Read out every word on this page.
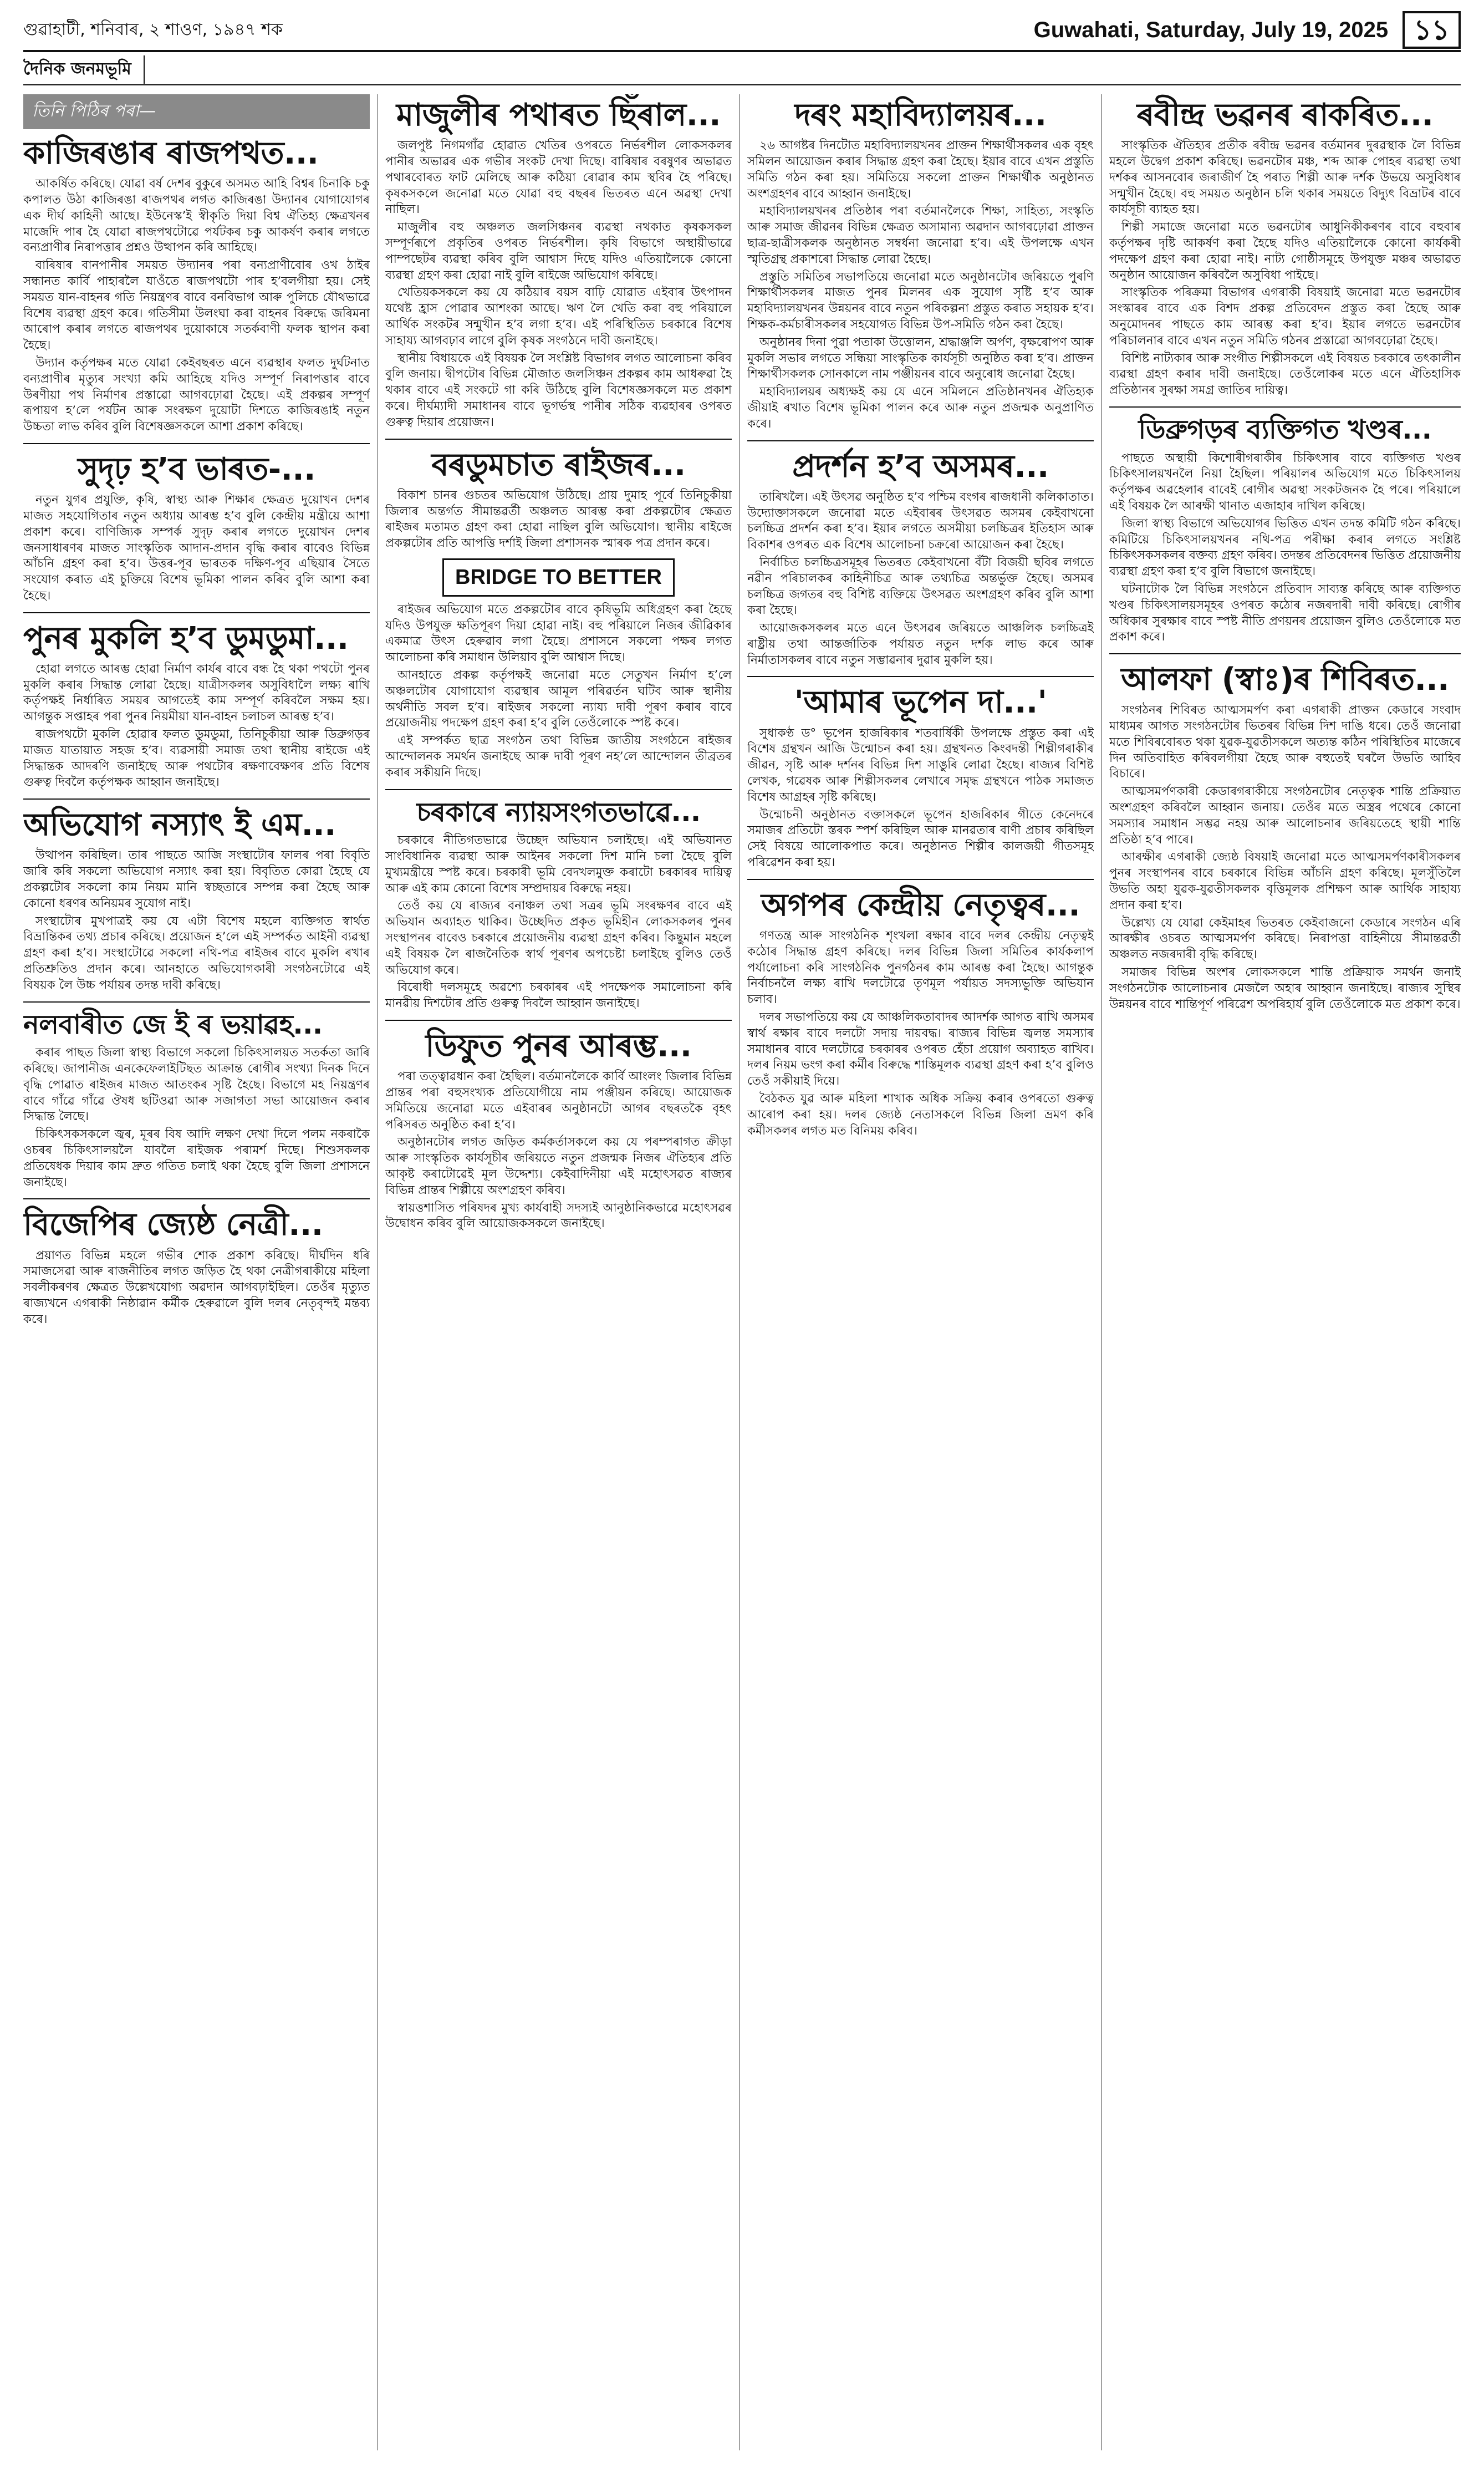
গুৱাহাটী, শনিবাৰ, ২ শাওণ, ১৯৪৭ শক	Guwahati, Saturday, July 19, 2025 ১১
দৈনিক জনমভূমি
তিনি পিঠিৰ পৰা—
কাজিৰঙাৰ ৰাজপথত...

আকৰ্ষিত কৰিছে। যোৱা বৰ্ষ দেশৰ বুকুৰে অসমত আহি বিশ্বৰ চিনাকি চকু কপালত উঠা কাজিৰঙা ৰাজপথৰ লগত কাজিৰঙা উদ্যানৰ যোগাযোগৰ এক দীৰ্ঘ কাহিনী আছে। ইউনেস্ক’ই স্বীকৃতি দিয়া বিশ্ব ঐতিহ্য ক্ষেত্ৰখনৰ মাজেদি পাৰ হৈ যোৱা ৰাজপথটোৱে পৰ্যটকৰ চকু আকৰ্ষণ কৰাৰ লগতে বন্যপ্ৰাণীৰ নিৰাপত্তাৰ প্ৰশ্নও উত্থাপন কৰি আহিছে।

বাৰিষাৰ বানপানীৰ সময়ত উদ্যানৰ পৰা বন্যপ্ৰাণীবোৰ ওখ ঠাইৰ সন্ধানত কাৰ্বি পাহাৰলৈ যাওঁতে ৰাজপথটো পাৰ হ’বলগীয়া হয়। সেই সময়ত যান-বাহনৰ গতি নিয়ন্ত্ৰণৰ বাবে বনবিভাগ আৰু পুলিচে যৌথভাৱে বিশেষ ব্যৱস্থা গ্ৰহণ কৰে। গতিসীমা উলংঘা কৰা বাহনৰ বিৰুদ্ধে জৰিমনা আৰোপ কৰাৰ লগতে ৰাজপথৰ দুয়োকাষে সতৰ্কবাণী ফলক স্থাপন কৰা হৈছে।

উদ্যান কৰ্তৃপক্ষৰ মতে যোৱা কেইবছৰত এনে ব্যৱস্থাৰ ফলত দুৰ্ঘটনাত বন্যপ্ৰাণীৰ মৃত্যুৰ সংখ্যা কমি আহিছে যদিও সম্পূৰ্ণ নিৰাপত্তাৰ বাবে উৰণীয়া পথ নিৰ্মাণৰ প্ৰস্তাৱো আগবঢ়োৱা হৈছে। এই প্ৰকল্পৰ সম্পূৰ্ণ ৰূপায়ণ হ’লে পৰ্যটন আৰু সংৰক্ষণ দুয়োটা দিশতে কাজিৰঙাই নতুন উচ্চতা লাভ কৰিব বুলি বিশেষজ্ঞসকলে আশা প্ৰকাশ কৰিছে।

সুদৃঢ় হ’ব ভাৰত-...

নতুন যুগৰ প্ৰযুক্তি, কৃষি, স্বাস্থ্য আৰু শিক্ষাৰ ক্ষেত্ৰত দুয়োখন দেশৰ মাজত সহযোগিতাৰ নতুন অধ্যায় আৰম্ভ হ’ব বুলি কেন্দ্ৰীয় মন্ত্ৰীয়ে আশা প্ৰকাশ কৰে। বাণিজ্যিক সম্পৰ্ক সুদৃঢ় কৰাৰ লগতে দুয়োখন দেশৰ জনসাধাৰণৰ মাজত সাংস্কৃতিক আদান-প্ৰদান বৃদ্ধি কৰাৰ বাবেও বিভিন্ন আঁচনি গ্ৰহণ কৰা হ’ব। উত্তৰ-পূব ভাৰতক দক্ষিণ-পূব এছিয়াৰ সৈতে সংযোগ কৰাত এই চুক্তিয়ে বিশেষ ভূমিকা পালন কৰিব বুলি আশা কৰা হৈছে।

পুনৰ মুকলি হ’ব ডুমডুমা...

হোৱা লগতে আৰম্ভ হোৱা নিৰ্মাণ কাৰ্যৰ বাবে বন্ধ হৈ থকা পথটো পুনৰ মুকলি কৰাৰ সিদ্ধান্ত লোৱা হৈছে। যাত্ৰীসকলৰ অসুবিধালৈ লক্ষ্য ৰাখি কৰ্তৃপক্ষই নিৰ্ধাৰিত সময়ৰ আগতেই কাম সম্পূৰ্ণ কৰিবলৈ সক্ষম হয়। আগন্তুক সপ্তাহৰ পৰা পুনৰ নিয়মীয়া যান-বাহন চলাচল আৰম্ভ হ’ব।

ৰাজপথটো মুকলি হোৱাৰ ফলত ডুমডুমা, তিনিচুকীয়া আৰু ডিব্ৰুগড়ৰ মাজত যাতায়াত সহজ হ’ব। ব্যৱসায়ী সমাজ তথা স্থানীয় ৰাইজে এই সিদ্ধান্তক আদৰণি জনাইছে আৰু পথটোৰ ৰক্ষণাবেক্ষণৰ প্ৰতি বিশেষ গুৰুত্ব দিবলৈ কৰ্তৃপক্ষক আহ্বান জনাইছে।

অভিযোগ নস্যাৎ ই এম...

উত্থাপন কৰিছিল। তাৰ পাছতে আজি সংস্থাটোৰ ফালৰ পৰা বিবৃতি জাৰি কৰি সকলো অভিযোগ নস্যাৎ কৰা হয়। বিবৃতিত কোৱা হৈছে যে প্ৰকল্পটোৰ সকলো কাম নিয়ম মানি স্বচ্ছতাৰে সম্পন্ন কৰা হৈছে আৰু কোনো ধৰণৰ অনিয়মৰ সুযোগ নাই।

সংস্থাটোৰ মুখপাত্ৰই কয় যে এটা বিশেষ মহলে ব্যক্তিগত স্বাৰ্থত বিভ্ৰান্তিকৰ তথ্য প্ৰচাৰ কৰিছে। প্ৰয়োজন হ’লে এই সম্পৰ্কত আইনী ব্যৱস্থা গ্ৰহণ কৰা হ’ব। সংস্থাটোৱে সকলো নথি-পত্ৰ ৰাইজৰ বাবে মুকলি ৰখাৰ প্ৰতিশ্ৰুতিও প্ৰদান কৰে। আনহাতে অভিযোগকাৰী সংগঠনটোৱে এই বিষয়ক লৈ উচ্চ পৰ্যায়ৰ তদন্ত দাবী কৰিছে।

নলবাৰীত জে ই ৰ ভয়াৱহ...

কৰাৰ পাছত জিলা স্বাস্থ্য বিভাগে সকলো চিকিৎসালয়ত সতৰ্কতা জাৰি কৰিছে। জাপানীজ এনকেফেলাইটিছত আক্ৰান্ত ৰোগীৰ সংখ্যা দিনক দিনে বৃদ্ধি পোৱাত ৰাইজৰ মাজত আতংকৰ সৃষ্টি হৈছে। বিভাগে মহ নিয়ন্ত্ৰণৰ বাবে গাঁৱে গাঁৱে ঔষধ ছটিওৱা আৰু সজাগতা সভা আয়োজন কৰাৰ সিদ্ধান্ত লৈছে।

চিকিৎসকসকলে জ্বৰ, মূৰৰ বিষ আদি লক্ষণ দেখা দিলে পলম নকৰাকৈ ওচৰৰ চিকিৎসালয়লৈ যাবলৈ ৰাইজক পৰামৰ্শ দিছে। শিশুসকলক প্ৰতিষেধক দিয়াৰ কাম দ্ৰুত গতিত চলাই থকা হৈছে বুলি জিলা প্ৰশাসনে জনাইছে।

বিজেপিৰ জ্যেষ্ঠ নেত্ৰী...

প্ৰয়াণত বিভিন্ন মহলে গভীৰ শোক প্ৰকাশ কৰিছে। দীৰ্ঘদিন ধৰি সমাজসেৱা আৰু ৰাজনীতিৰ লগত জড়িত হৈ থকা নেত্ৰীগৰাকীয়ে মহিলা সবলীকৰণৰ ক্ষেত্ৰত উল্লেখযোগ্য অৱদান আগবঢ়াইছিল। তেওঁৰ মৃত্যুত ৰাজ্যখনে এগৰাকী নিষ্ঠাৱান কৰ্মীক হেৰুৱালে বুলি দলৰ নেতৃবৃন্দই মন্তব্য কৰে।

মাজুলীৰ পথাৰত ছিঁৰাল...

জলপুষ্ট নিগমগাঁৱ হোৱাত খেতিৰ ওপৰতে নিৰ্ভৰশীল লোকসকলৰ পানীৰ অভাৱৰ এক গভীৰ সংকট দেখা দিছে। বাৰিষাৰ বৰষুণৰ অভাৱত পথাৰবোৰত ফাট মেলিছে আৰু কঠিয়া ৰোৱাৰ কাম স্থবিৰ হৈ পৰিছে। কৃষকসকলে জনোৱা মতে যোৱা বহু বছৰৰ ভিতৰত এনে অৱস্থা দেখা নাছিল।

মাজুলীৰ বহু অঞ্চলত জলসিঞ্চনৰ ব্যৱস্থা নথকাত কৃষকসকল সম্পূৰ্ণৰূপে প্ৰকৃতিৰ ওপৰত নিৰ্ভৰশীল। কৃষি বিভাগে অস্থায়ীভাৱে পাম্পছেটৰ ব্যৱস্থা কৰিব বুলি আশ্বাস দিছে যদিও এতিয়ালৈকে কোনো ব্যৱস্থা গ্ৰহণ কৰা হোৱা নাই বুলি ৰাইজে অভিযোগ কৰিছে।

খেতিয়কসকলে কয় যে কঠিয়াৰ বয়স বাঢ়ি যোৱাত এইবাৰ উৎপাদন যথেষ্ট হ্ৰাস পোৱাৰ আশংকা আছে। ঋণ লৈ খেতি কৰা বহু পৰিয়ালে আৰ্থিক সংকটৰ সন্মুখীন হ’ব লগা হ’ব। এই পৰিস্থিতিত চৰকাৰে বিশেষ সাহায্য আগবঢ়াব লাগে বুলি কৃষক সংগঠনে দাবী জনাইছে।

স্থানীয় বিধায়কে এই বিষয়ক লৈ সংশ্লিষ্ট বিভাগৰ লগত আলোচনা কৰিব বুলি জনায়। দ্বীপটোৰ বিভিন্ন মৌজাত জলসিঞ্চন প্ৰকল্পৰ কাম আধৰুৱা হৈ থকাৰ বাবে এই সংকটে গা কৰি উঠিছে বুলি বিশেষজ্ঞসকলে মত প্ৰকাশ কৰে। দীৰ্ঘম্যাদী সমাধানৰ বাবে ভূগৰ্ভস্থ পানীৰ সঠিক ব্যৱহাৰৰ ওপৰত গুৰুত্ব দিয়াৰ প্ৰয়োজন।

বৰডুমচাত ৰাইজৰ...

বিকাশ চানৰ গুচতৰ অভিযোগ উঠিছে। প্ৰায় দুমাহ পূৰ্বে তিনিচুকীয়া জিলাৰ অন্তৰ্গত সীমান্তৱৰ্তী অঞ্চলত আৰম্ভ কৰা প্ৰকল্পটোৰ ক্ষেত্ৰত ৰাইজৰ মতামত গ্ৰহণ কৰা হোৱা নাছিল বুলি অভিযোগ। স্থানীয় ৰাইজে প্ৰকল্পটোৰ প্ৰতি আপত্তি দৰ্শাই জিলা প্ৰশাসনক স্মাৰক পত্ৰ প্ৰদান কৰে।

BRIDGE TO BETTER

ৰাইজৰ অভিযোগ মতে প্ৰকল্পটোৰ বাবে কৃষিভূমি অধিগ্ৰহণ কৰা হৈছে যদিও উপযুক্ত ক্ষতিপূৰণ দিয়া হোৱা নাই। বহু পৰিয়ালে নিজৰ জীৱিকাৰ একমাত্ৰ উৎস হেৰুৱাব লগা হৈছে। প্ৰশাসনে সকলো পক্ষৰ লগত আলোচনা কৰি সমাধান উলিয়াব বুলি আশ্বাস দিছে।

আনহাতে প্ৰকল্প কৰ্তৃপক্ষই জনোৱা মতে সেতুখন নিৰ্মাণ হ’লে অঞ্চলটোৰ যোগাযোগ ব্যৱস্থাৰ আমূল পৰিৱৰ্তন ঘটিব আৰু স্থানীয় অৰ্থনীতি সবল হ’ব। ৰাইজৰ সকলো ন্যায্য দাবী পূৰণ কৰাৰ বাবে প্ৰয়োজনীয় পদক্ষেপ গ্ৰহণ কৰা হ’ব বুলি তেওঁলোকে স্পষ্ট কৰে।

এই সম্পৰ্কত ছাত্ৰ সংগঠন তথা বিভিন্ন জাতীয় সংগঠনে ৰাইজৰ আন্দোলনক সমৰ্থন জনাইছে আৰু দাবী পূৰণ নহ’লে আন্দোলন তীব্ৰতৰ কৰাৰ সকীয়নি দিছে।

চৰকাৰে ন্যায়সংগতভাৱে...

চৰকাৰে নীতিগতভাৱে উচ্ছেদ অভিযান চলাইছে। এই অভিযানত সাংবিধানিক ব্যৱস্থা আৰু আইনৰ সকলো দিশ মানি চলা হৈছে বুলি মুখ্যমন্ত্ৰীয়ে স্পষ্ট কৰে। চৰকাৰী ভূমি বেদখলমুক্ত কৰাটো চৰকাৰৰ দায়িত্ব আৰু এই কাম কোনো বিশেষ সম্প্ৰদায়ৰ বিৰুদ্ধে নহয়।

তেওঁ কয় যে ৰাজ্যৰ বনাঞ্চল তথা সত্ৰৰ ভূমি সংৰক্ষণৰ বাবে এই অভিযান অব্যাহত থাকিব। উচ্ছেদিত প্ৰকৃত ভূমিহীন লোকসকলৰ পুনৰ সংস্থাপনৰ বাবেও চৰকাৰে প্ৰয়োজনীয় ব্যৱস্থা গ্ৰহণ কৰিব। কিছুমান মহলে এই বিষয়ক লৈ ৰাজনৈতিক স্বাৰ্থ পূৰণৰ অপচেষ্টা চলাইছে বুলিও তেওঁ অভিযোগ কৰে।

বিৰোধী দলসমূহে অৱশ্যে চৰকাৰৰ এই পদক্ষেপক সমালোচনা কৰি মানৱীয় দিশটোৰ প্ৰতি গুৰুত্ব দিবলৈ আহ্বান জনাইছে।

ডিফুত পুনৰ আৰম্ভ...

পৰা তত্ত্বাৱধান কৰা হৈছিল। বৰ্তমানলৈকে কাৰ্বি আংলং জিলাৰ বিভিন্ন প্ৰান্তৰ পৰা বহুসংখ্যক প্ৰতিযোগীয়ে নাম পঞ্জীয়ন কৰিছে। আয়োজক সমিতিয়ে জনোৱা মতে এইবাৰৰ অনুষ্ঠানটো আগৰ বছৰতকৈ বৃহৎ পৰিসৰত অনুষ্ঠিত কৰা হ’ব।

অনুষ্ঠানটোৰ লগত জড়িত কৰ্মকৰ্তাসকলে কয় যে পৰম্পৰাগত ক্ৰীড়া আৰু সাংস্কৃতিক কাৰ্যসূচীৰ জৰিয়তে নতুন প্ৰজন্মক নিজৰ ঐতিহ্যৰ প্ৰতি আকৃষ্ট কৰাটোৱেই মূল উদ্দেশ্য। কেইবাদিনীয়া এই মহোৎসৱত ৰাজ্যৰ বিভিন্ন প্ৰান্তৰ শিল্পীয়ে অংশগ্ৰহণ কৰিব।

স্বায়ত্তশাসিত পৰিষদৰ মুখ্য কাৰ্যবাহী সদস্যই আনুষ্ঠানিকভাৱে মহোৎসৱৰ উদ্বোধন কৰিব বুলি আয়োজকসকলে জনাইছে।

দৰং মহাবিদ্যালয়ৰ...

২৬ আগষ্টৰ দিনটোত মহাবিদ্যালয়খনৰ প্ৰাক্তন শিক্ষাৰ্থীসকলৰ এক বৃহৎ সমিলন আয়োজন কৰাৰ সিদ্ধান্ত গ্ৰহণ কৰা হৈছে। ইয়াৰ বাবে এখন প্ৰস্তুতি সমিতি গঠন কৰা হয়। সমিতিয়ে সকলো প্ৰাক্তন শিক্ষাৰ্থীক অনুষ্ঠানত অংশগ্ৰহণৰ বাবে আহ্বান জনাইছে।

মহাবিদ্যালয়খনৰ প্ৰতিষ্ঠাৰ পৰা বৰ্তমানলৈকে শিক্ষা, সাহিত্য, সংস্কৃতি আৰু সমাজ জীৱনৰ বিভিন্ন ক্ষেত্ৰত অসামান্য অৱদান আগবঢ়োৱা প্ৰাক্তন ছাত্ৰ-ছাত্ৰীসকলক অনুষ্ঠানত সম্বৰ্ধনা জনোৱা হ’ব। এই উপলক্ষে এখন স্মৃতিগ্ৰন্থ প্ৰকাশৰো সিদ্ধান্ত লোৱা হৈছে।

প্ৰস্তুতি সমিতিৰ সভাপতিয়ে জনোৱা মতে অনুষ্ঠানটোৰ জৰিয়তে পুৰণি শিক্ষাৰ্থীসকলৰ মাজত পুনৰ মিলনৰ এক সুযোগ সৃষ্টি হ’ব আৰু মহাবিদ্যালয়খনৰ উন্নয়নৰ বাবে নতুন পৰিকল্পনা প্ৰস্তুত কৰাত সহায়ক হ’ব। শিক্ষক-কৰ্মচাৰীসকলৰ সহযোগত বিভিন্ন উপ-সমিতি গঠন কৰা হৈছে।

অনুষ্ঠানৰ দিনা পুৱা পতাকা উত্তোলন, শ্ৰদ্ধাঞ্জলি অৰ্পণ, বৃক্ষৰোপণ আৰু মুকলি সভাৰ লগতে সন্ধিয়া সাংস্কৃতিক কাৰ্যসূচী অনুষ্ঠিত কৰা হ’ব। প্ৰাক্তন শিক্ষাৰ্থীসকলক সোনকালে নাম পঞ্জীয়নৰ বাবে অনুৰোধ জনোৱা হৈছে।

মহাবিদ্যালয়ৰ অধ্যক্ষই কয় যে এনে সমিলনে প্ৰতিষ্ঠানখনৰ ঐতিহ্যক জীয়াই ৰখাত বিশেষ ভূমিকা পালন কৰে আৰু নতুন প্ৰজন্মক অনুপ্ৰাণিত কৰে।

প্ৰদৰ্শন হ’ব অসমৰ...

তাৰিখলৈ। এই উৎসৱ অনুষ্ঠিত হ’ব পশ্চিম বংগৰ ৰাজধানী কলিকাতাত। উদ্যোক্তাসকলে জনোৱা মতে এইবাৰৰ উৎসৱত অসমৰ কেইবাখনো চলচ্চিত্ৰ প্ৰদৰ্শন কৰা হ’ব। ইয়াৰ লগতে অসমীয়া চলচ্চিত্ৰৰ ইতিহাস আৰু বিকাশৰ ওপৰত এক বিশেষ আলোচনা চক্ৰৰো আয়োজন কৰা হৈছে।

নিৰ্বাচিত চলচ্চিত্ৰসমূহৰ ভিতৰত কেইবাখনো বঁটা বিজয়ী ছবিৰ লগতে নৱীন পৰিচালকৰ কাহিনীচিত্ৰ আৰু তথ্যচিত্ৰ অন্তৰ্ভুক্ত হৈছে। অসমৰ চলচ্চিত্ৰ জগতৰ বহু বিশিষ্ট ব্যক্তিয়ে উৎসৱত অংশগ্ৰহণ কৰিব বুলি আশা কৰা হৈছে।

আয়োজকসকলৰ মতে এনে উৎসৱৰ জৰিয়তে আঞ্চলিক চলচ্চিত্ৰই ৰাষ্ট্ৰীয় তথা আন্তৰ্জাতিক পৰ্যায়ত নতুন দৰ্শক লাভ কৰে আৰু নিৰ্মাতাসকলৰ বাবে নতুন সম্ভাৱনাৰ দুৱাৰ মুকলি হয়।

'আমাৰ ভূপেন দা...'

সুধাকণ্ঠ ড° ভূপেন হাজৰিকাৰ শতবাৰ্ষিকী উপলক্ষে প্ৰস্তুত কৰা এই বিশেষ গ্ৰন্থখন আজি উন্মোচন কৰা হয়। গ্ৰন্থখনত কিংবদন্তী শিল্পীগৰাকীৰ জীৱন, সৃষ্টি আৰু দৰ্শনৰ বিভিন্ন দিশ সাঙুৰি লোৱা হৈছে। ৰাজ্যৰ বিশিষ্ট লেখক, গৱেষক আৰু শিল্পীসকলৰ লেখাৰে সমৃদ্ধ গ্ৰন্থখনে পাঠক সমাজত বিশেষ আগ্ৰহৰ সৃষ্টি কৰিছে।

উন্মোচনী অনুষ্ঠানত বক্তাসকলে ভূপেন হাজৰিকাৰ গীতে কেনেদৰে সমাজৰ প্ৰতিটো স্তৰক স্পৰ্শ কৰিছিল আৰু মানৱতাৰ বাণী প্ৰচাৰ কৰিছিল সেই বিষয়ে আলোকপাত কৰে। অনুষ্ঠানত শিল্পীৰ কালজয়ী গীতসমূহ পৰিৱেশন কৰা হয়।

অগপৰ কেন্দ্ৰীয় নেতৃত্বৰ...

গণতন্ত্ৰ আৰু সাংগঠনিক শৃংখলা ৰক্ষাৰ বাবে দলৰ কেন্দ্ৰীয় নেতৃত্বই কঠোৰ সিদ্ধান্ত গ্ৰহণ কৰিছে। দলৰ বিভিন্ন জিলা সমিতিৰ কাৰ্যকলাপ পৰ্যালোচনা কৰি সাংগঠনিক পুনৰ্গঠনৰ কাম আৰম্ভ কৰা হৈছে। আগন্তুক নিৰ্বাচনলৈ লক্ষ্য ৰাখি দলটোৱে তৃণমূল পৰ্যায়ত সদস্যভুক্তি অভিযান চলাব।

দলৰ সভাপতিয়ে কয় যে আঞ্চলিকতাবাদৰ আদৰ্শক আগত ৰাখি অসমৰ স্বাৰ্থ ৰক্ষাৰ বাবে দলটো সদায় দায়বদ্ধ। ৰাজ্যৰ বিভিন্ন জ্বলন্ত সমস্যাৰ সমাধানৰ বাবে দলটোৱে চৰকাৰৰ ওপৰত হেঁচা প্ৰয়োগ অব্যাহত ৰাখিব। দলৰ নিয়ম ভংগ কৰা কৰ্মীৰ বিৰুদ্ধে শাস্তিমূলক ব্যৱস্থা গ্ৰহণ কৰা হ’ব বুলিও তেওঁ সকীয়াই দিয়ে।

বৈঠকত যুৱ আৰু মহিলা শাখাক অধিক সক্ৰিয় কৰাৰ ওপৰতো গুৰুত্ব আৰোপ কৰা হয়। দলৰ জ্যেষ্ঠ নেতাসকলে বিভিন্ন জিলা ভ্ৰমণ কৰি কৰ্মীসকলৰ লগত মত বিনিময় কৰিব।

ৰবীন্দ্ৰ ভৱনৰ ৰাকৰিত...

সাংস্কৃতিক ঐতিহ্যৰ প্ৰতীক ৰবীন্দ্ৰ ভৱনৰ বৰ্তমানৰ দুৰৱস্থাক লৈ বিভিন্ন মহলে উদ্বেগ প্ৰকাশ কৰিছে। ভৱনটোৰ মঞ্চ, শব্দ আৰু পোহৰ ব্যৱস্থা তথা দৰ্শকৰ আসনবোৰ জৰাজীৰ্ণ হৈ পৰাত শিল্পী আৰু দৰ্শক উভয়ে অসুবিধাৰ সন্মুখীন হৈছে। বহু সময়ত অনুষ্ঠান চলি থকাৰ সময়তে বিদ্যুৎ বিভ্ৰাটৰ বাবে কাৰ্যসূচী ব্যাহত হয়।

শিল্পী সমাজে জনোৱা মতে ভৱনটোৰ আধুনিকীকৰণৰ বাবে বহুবাৰ কৰ্তৃপক্ষৰ দৃষ্টি আকৰ্ষণ কৰা হৈছে যদিও এতিয়ালৈকে কোনো কাৰ্যকৰী পদক্ষেপ গ্ৰহণ কৰা হোৱা নাই। নাট্য গোষ্ঠীসমূহে উপযুক্ত মঞ্চৰ অভাৱত অনুষ্ঠান আয়োজন কৰিবলৈ অসুবিধা পাইছে।

সাংস্কৃতিক পৰিক্ৰমা বিভাগৰ এগৰাকী বিষয়াই জনোৱা মতে ভৱনটোৰ সংস্কাৰৰ বাবে এক বিশদ প্ৰকল্প প্ৰতিবেদন প্ৰস্তুত কৰা হৈছে আৰু অনুমোদনৰ পাছতে কাম আৰম্ভ কৰা হ’ব। ইয়াৰ লগতে ভৱনটোৰ পৰিচালনাৰ বাবে এখন নতুন সমিতি গঠনৰ প্ৰস্তাৱো আগবঢ়োৱা হৈছে।

বিশিষ্ট নাট্যকাৰ আৰু সংগীত শিল্পীসকলে এই বিষয়ত চৰকাৰে তৎকালীন ব্যৱস্থা গ্ৰহণ কৰাৰ দাবী জনাইছে। তেওঁলোকৰ মতে এনে ঐতিহাসিক প্ৰতিষ্ঠানৰ সুৰক্ষা সমগ্ৰ জাতিৰ দায়িত্ব।

ডিব্ৰুগড়ৰ ব্যক্তিগত খণ্ডৰ...

পাছতে অস্থায়ী কিশোৰীগৰাকীৰ চিকিৎসাৰ বাবে ব্যক্তিগত খণ্ডৰ চিকিৎসালয়খনলৈ নিয়া হৈছিল। পৰিয়ালৰ অভিযোগ মতে চিকিৎসালয় কৰ্তৃপক্ষৰ অৱহেলাৰ বাবেই ৰোগীৰ অৱস্থা সংকটজনক হৈ পৰে। পৰিয়ালে এই বিষয়ক লৈ আৰক্ষী থানাত এজাহাৰ দাখিল কৰিছে।

জিলা স্বাস্থ্য বিভাগে অভিযোগৰ ভিত্তিত এখন তদন্ত কমিটি গঠন কৰিছে। কমিটিয়ে চিকিৎসালয়খনৰ নথি-পত্ৰ পৰীক্ষা কৰাৰ লগতে সংশ্লিষ্ট চিকিৎসকসকলৰ বক্তব্য গ্ৰহণ কৰিব। তদন্তৰ প্ৰতিবেদনৰ ভিত্তিত প্ৰয়োজনীয় ব্যৱস্থা গ্ৰহণ কৰা হ’ব বুলি বিভাগে জনাইছে।

ঘটনাটোক লৈ বিভিন্ন সংগঠনে প্ৰতিবাদ সাব্যস্ত কৰিছে আৰু ব্যক্তিগত খণ্ডৰ চিকিৎসালয়সমূহৰ ওপৰত কঠোৰ নজৰদাৰী দাবী কৰিছে। ৰোগীৰ অধিকাৰ সুৰক্ষাৰ বাবে স্পষ্ট নীতি প্ৰণয়নৰ প্ৰয়োজন বুলিও তেওঁলোকে মত প্ৰকাশ কৰে।

আলফা (স্বাঃ)ৰ শিবিৰত...

সংগঠনৰ শিবিৰত আত্মসমৰ্পণ কৰা এগৰাকী প্ৰাক্তন কেডাৰে সংবাদ মাধ্যমৰ আগত সংগঠনটোৰ ভিতৰৰ বিভিন্ন দিশ দাঙি ধৰে। তেওঁ জনোৱা মতে শিবিৰবোৰত থকা যুৱক-যুৱতীসকলে অত্যন্ত কঠিন পৰিস্থিতিৰ মাজেৰে দিন অতিবাহিত কৰিবলগীয়া হৈছে আৰু বহুতেই ঘৰলৈ উভতি আহিব বিচাৰে।

আত্মসমৰ্পণকাৰী কেডাৰগৰাকীয়ে সংগঠনটোৰ নেতৃত্বক শান্তি প্ৰক্ৰিয়াত অংশগ্ৰহণ কৰিবলৈ আহ্বান জনায়। তেওঁৰ মতে অস্ত্ৰৰ পথেৰে কোনো সমস্যাৰ সমাধান সম্ভৱ নহয় আৰু আলোচনাৰ জৰিয়তেহে স্থায়ী শান্তি প্ৰতিষ্ঠা হ’ব পাৰে।

আৰক্ষীৰ এগৰাকী জ্যেষ্ঠ বিষয়াই জনোৱা মতে আত্মসমৰ্পণকাৰীসকলৰ পুনৰ সংস্থাপনৰ বাবে চৰকাৰে বিভিন্ন আঁচনি গ্ৰহণ কৰিছে। মূলসুঁতিলৈ উভতি অহা যুৱক-যুৱতীসকলক বৃত্তিমূলক প্ৰশিক্ষণ আৰু আৰ্থিক সাহায্য প্ৰদান কৰা হ’ব।

উল্লেখ্য যে যোৱা কেইমাহৰ ভিতৰত কেইবাজনো কেডাৰে সংগঠন এৰি আৰক্ষীৰ ওচৰত আত্মসমৰ্পণ কৰিছে। নিৰাপত্তা বাহিনীয়ে সীমান্তৱৰ্তী অঞ্চলত নজৰদাৰী বৃদ্ধি কৰিছে।

সমাজৰ বিভিন্ন অংশৰ লোকসকলে শান্তি প্ৰক্ৰিয়াক সমৰ্থন জনাই সংগঠনটোক আলোচনাৰ মেজলৈ অহাৰ আহ্বান জনাইছে। ৰাজ্যৰ সুস্থিৰ উন্নয়নৰ বাবে শান্তিপূৰ্ণ পৰিৱেশ অপৰিহাৰ্য বুলি তেওঁলোকে মত প্ৰকাশ কৰে।
